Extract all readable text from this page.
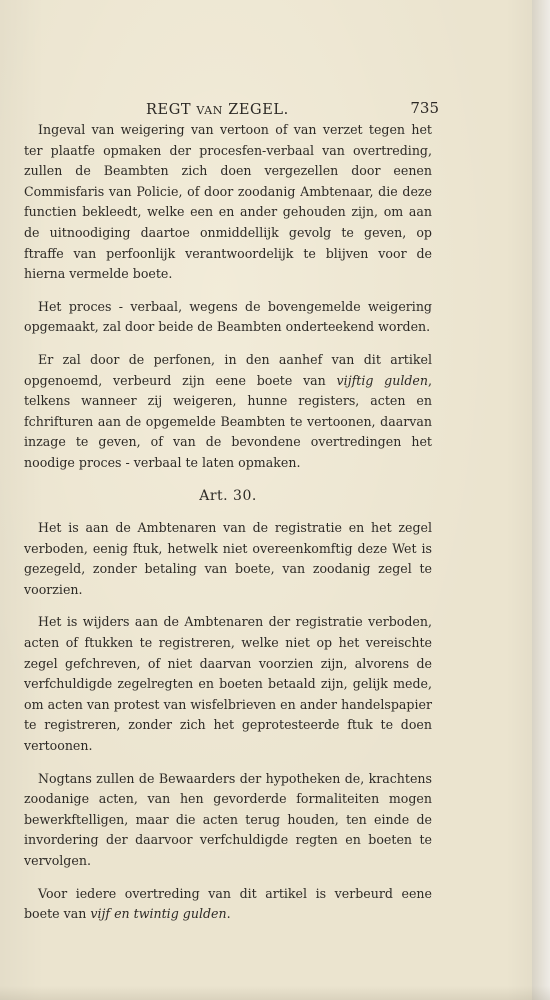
REGT VAN ZEGEL.	735

Ingeval van weigering van vertoon of van verzet tegen het ter plaatfe opmaken der procesfen-verbaal van overtreding, zullen de Beambten zich doen vergezellen door eenen Commisfaris van Policie, of door zoodanig Ambtenaar, die deze functien bekleedt, welke een en ander gehouden zijn, om aan de uitnoodiging daartoe onmiddellijk gevolg te geven, op ftraffe van perfoonlijk verantwoordelijk te blijven voor de hierna vermelde boete.

Het proces - verbaal, wegens de bovengemelde weigering opgemaakt, zal door beide de Beambten onderteekend worden.

Er zal door de perfonen, in den aanhef van dit artikel opgenoemd, verbeurd zijn eene boete van vijftig gulden, telkens wanneer zij weigeren, hunne registers, acten en fchrifturen aan de opgemelde Beambten te vertoonen, daarvan inzage te geven, of van de bevondene overtredingen het noodige proces - verbaal te laten opmaken.

Art. 30.

Het is aan de Ambtenaren van de registratie en het zegel verboden, eenig ftuk, hetwelk niet overeenkomftig deze Wet is gezegeld, zonder betaling van boete, van zoodanig zegel te voorzien.

Het is wijders aan de Ambtenaren der registratie verboden, acten of ftukken te registreren, welke niet op het vereischte zegel gefchreven, of niet daarvan voorzien zijn, alvorens de verfchuldigde zegelregten en boeten betaald zijn, gelijk mede, om acten van protest van wisfelbrieven en ander handelspapier te registreren, zonder zich het geprotesteerde ftuk te doen vertoonen.

Nogtans zullen de Bewaarders der hypotheken de, krachtens zoodanige acten, van hen gevorderde formaliteiten mogen bewerkftelligen, maar die acten terug houden, ten einde de invordering der daarvoor verfchuldigde regten en boeten te vervolgen.

Voor iedere overtreding van dit artikel is verbeurd eene boete van vijf en twintig gulden.
